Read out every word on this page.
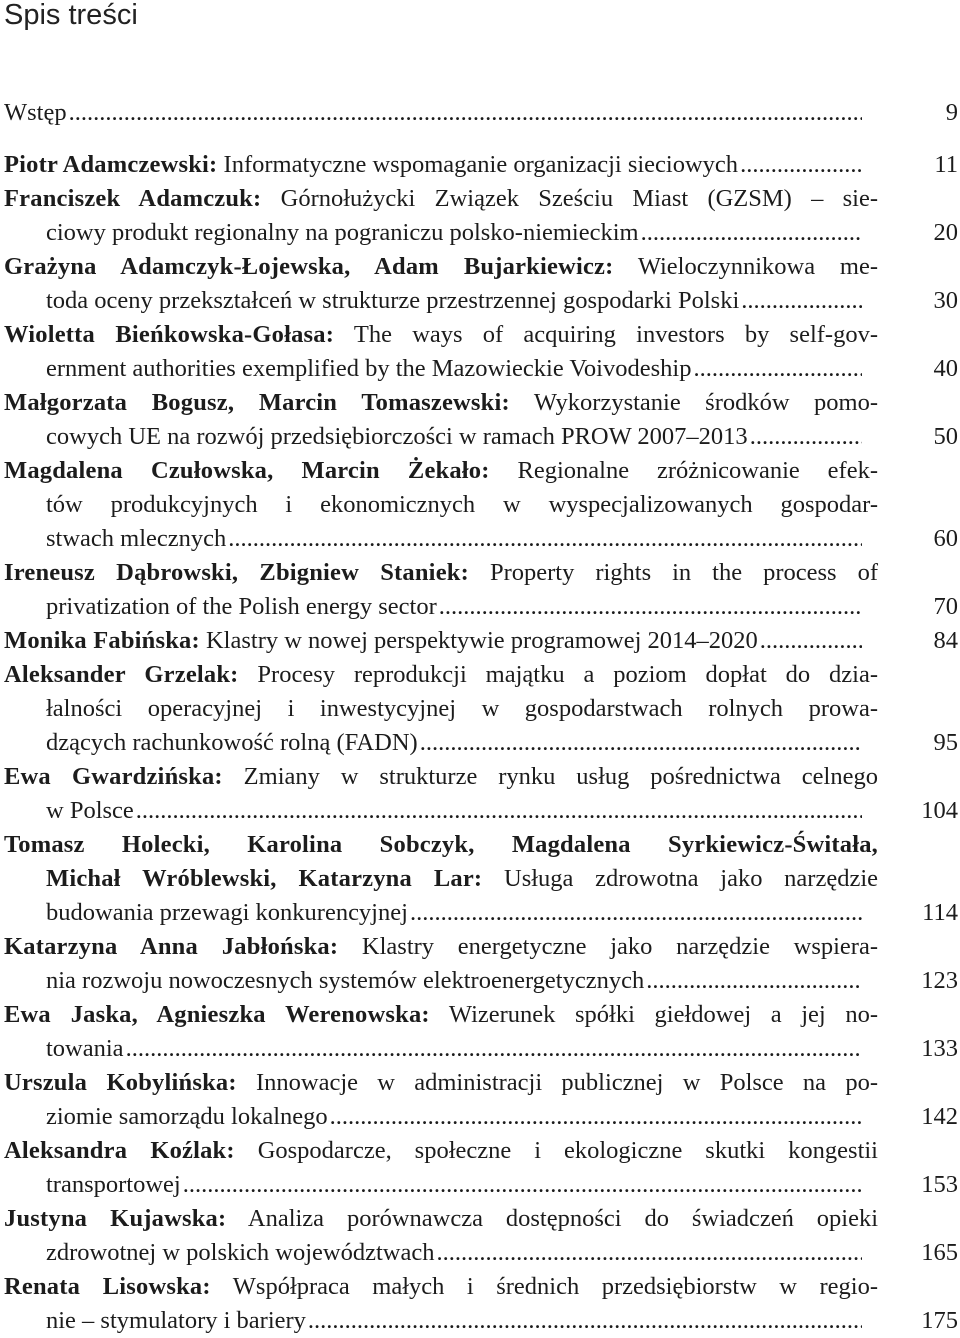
Spis treści
Wstęp .....	9
Piotr Adamczewski: Informatyczne wspomaganie organizacji sieciowych .....	11
Franciszek Adamczuk: Górnołużycki Związek Sześciu Miast (GZSM) – sie-
ciowy produkt regionalny na pograniczu polsko-niemieckim .....	20
Grażyna Adamczyk-Łojewska, Adam Bujarkiewicz: Wieloczynnikowa me-
toda oceny przekształceń w strukturze przestrzennej gospodarki Polski .....	30
Wioletta Bieńkowska-Gołasa: The ways of acquiring investors by self-gov-
ernment authorities exemplified by the Mazowieckie Voivodeship .....	40
Małgorzata Bogusz, Marcin Tomaszewski: Wykorzystanie środków pomo-
cowych UE na rozwój przedsiębiorczości w ramach PROW 2007–2013 .....	50
Magdalena Czułowska, Marcin Żekało: Regionalne zróżnicowanie efek-
tów produkcyjnych i ekonomicznych w wyspecjalizowanych gospodar-
stwach mlecznych .....	60
Ireneusz Dąbrowski, Zbigniew Staniek: Property rights in the process of
privatization of the Polish energy sector .....	70
Monika Fabińska: Klastry w nowej perspektywie programowej 2014–2020 .....	84
Aleksander Grzelak: Procesy reprodukcji majątku a poziom dopłat do dzia-
łalności operacyjnej i inwestycyjnej w gospodarstwach rolnych prowa-
dzących rachunkowość rolną (FADN) .....	95
Ewa Gwardzińska: Zmiany w strukturze rynku usług pośrednictwa celnego
w Polsce .....	104
Tomasz Holecki, Karolina Sobczyk, Magdalena Syrkiewicz-Świtała,
Michał Wróblewski, Katarzyna Lar: Usługa zdrowotna jako narzędzie
budowania przewagi konkurencyjnej .....	114
Katarzyna Anna Jabłońska: Klastry energetyczne jako narzędzie wspiera-
nia rozwoju nowoczesnych systemów elektroenergetycznych .....	123
Ewa Jaska, Agnieszka Werenowska: Wizerunek spółki giełdowej a jej no-
towania .....	133
Urszula Kobylińska: Innowacje w administracji publicznej w Polsce na po-
ziomie samorządu lokalnego .....	142
Aleksandra Koźlak: Gospodarcze, społeczne i ekologiczne skutki kongestii
transportowej .....	153
Justyna Kujawska: Analiza porównawcza dostępności do świadczeń opieki
zdrowotnej w polskich województwach .....	165
Renata Lisowska: Współpraca małych i średnich przedsiębiorstw w regio-
nie – stymulatory i bariery .....	175
